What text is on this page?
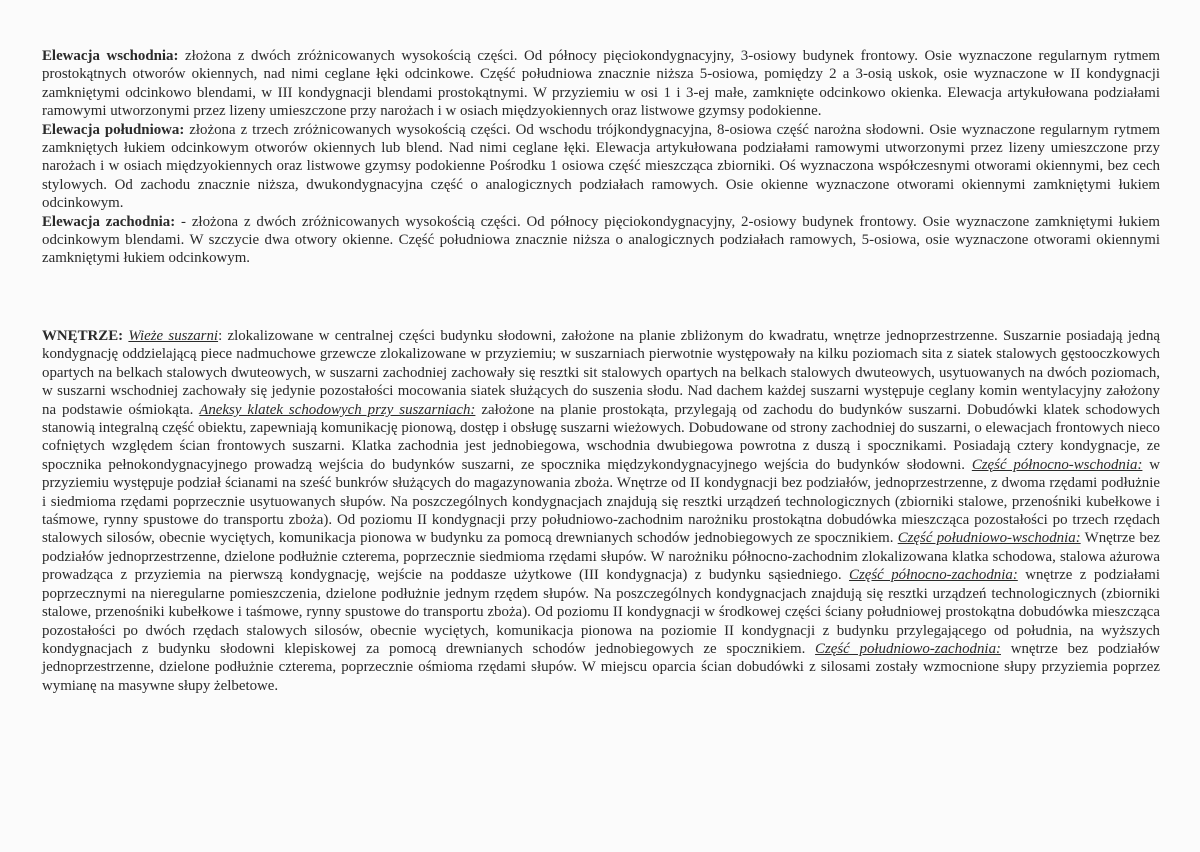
Elewacja wschodnia: złożona z dwóch zróżnicowanych wysokością części. Od północy pięciokondygnacyjny, 3-osiowy budynek frontowy. Osie wyznaczone regularnym rytmem prostokątnych otworów okiennych, nad nimi ceglane łęki odcinkowe. Część południowa znacznie niższa 5-osiowa, pomiędzy 2 a 3-osią uskok, osie wyznaczone w II kondygnacji zamkniętymi odcinkowo blendami, w III kondygnacji blendami prostokątnymi. W przyziemiu w osi 1 i 3-ej małe, zamknięte odcinkowo okienka. Elewacja artykułowana podziałami ramowymi utworzonymi przez lizeny umieszczone przy narożach i w osiach międzyokiennych oraz listwowe gzymsy podokienne.

Elewacja południowa: złożona z trzech zróżnicowanych wysokością części. Od wschodu trójkondygnacyjna, 8-osiowa część narożna słodowni. Osie wyznaczone regularnym rytmem zamkniętych łukiem odcinkowym otworów okiennych lub blend. Nad nimi ceglane łęki. Elewacja artykułowana podziałami ramowymi utworzonymi przez lizeny umieszczone przy narożach i w osiach międzyokiennych oraz listwowe gzymsy podokienne Pośrodku 1 osiowa część mieszcząca zbiorniki. Oś wyznaczona współczesnymi otworami okiennymi, bez cech stylowych. Od zachodu znacznie niższa, dwukondygnacyjna część o analogicznych podziałach ramowych. Osie okienne wyznaczone otworami okiennymi zamkniętymi łukiem odcinkowym.

Elewacja zachodnia: - złożona z dwóch zróżnicowanych wysokością części. Od północy pięciokondygnacyjny, 2-osiowy budynek frontowy. Osie wyznaczone zamkniętymi łukiem odcinkowym blendami. W szczycie dwa otwory okienne. Część południowa znacznie niższa o analogicznych podziałach ramowych, 5-osiowa, osie wyznaczone otworami okiennymi zamkniętymi łukiem odcinkowym.

WNĘTRZE: Wieże suszarni: zlokalizowane w centralnej części budynku słodowni, założone na planie zbliżonym do kwadratu, wnętrze jednoprzestrzenne. Suszarnie posiadają jedną kondygnację oddzielającą piece nadmuchowe grzewcze zlokalizowane w przyziemiu; w suszarniach pierwotnie występowały na kilku poziomach sita z siatek stalowych gęstooczkowych opartych na belkach stalowych dwuteowych, w suszarni zachodniej zachowały się resztki sit stalowych opartych na belkach stalowych dwuteowych, usytuowanych na dwóch poziomach, w suszarni wschodniej zachowały się jedynie pozostałości mocowania siatek służących do suszenia słodu. Nad dachem każdej suszarni występuje ceglany komin wentylacyjny założony na podstawie ośmiokąta. Aneksy klatek schodowych przy suszarniach: założone na planie prostokąta, przylegają od zachodu do budynków suszarni. Dobudówki klatek schodowych stanowią integralną część obiektu, zapewniają komunikację pionową, dostęp i obsługę suszarni wieżowych. Dobudowane od strony zachodniej do suszarni, o elewacjach frontowych nieco cofniętych względem ścian frontowych suszarni. Klatka zachodnia jest jednobiegowa, wschodnia dwubiegowa powrotna z duszą i spocznikami. Posiadają cztery kondygnacje, ze spocznika pełnokondygnacyjnego prowadzą wejścia do budynków suszarni, ze spocznika międzykondygnacyjnego wejścia do budynków słodowni. Część północno-wschodnia: w przyziemiu występuje podział ścianami na sześć bunkrów służących do magazynowania zboża. Wnętrze od II kondygnacji bez podziałów, jednoprzestrzenne, z dwoma rzędami podłużnie i siedmioma rzędami poprzecznie usytuowanych słupów. Na poszczególnych kondygnacjach znajdują się resztki urządzeń technologicznych (zbiorniki stalowe, przenośniki kubełkowe i taśmowe, rynny spustowe do transportu zboża). Od poziomu II kondygnacji przy południowo-zachodnim narożniku prostokątna dobudówka mieszcząca pozostałości po trzech rzędach stalowych silosów, obecnie wyciętych, komunikacja pionowa w budynku za pomocą drewnianych schodów jednobiegowych ze spocznikiem. Część południowo-wschodnia: Wnętrze bez podziałów jednoprzestrzenne, dzielone podłużnie czterema, poprzecznie siedmioma rzędami słupów. W narożniku północno-zachodnim zlokalizowana klatka schodowa, stalowa ażurowa prowadząca z przyziemia na pierwszą kondygnację, wejście na poddasze użytkowe (III kondygnacja) z budynku sąsiedniego. Część północno-zachodnia: wnętrze z podziałami poprzecznymi na nieregularne pomieszczenia, dzielone podłużnie jednym rzędem słupów. Na poszczególnych kondygnacjach znajdują się resztki urządzeń technologicznych (zbiorniki stalowe, przenośniki kubełkowe i taśmowe, rynny spustowe do transportu zboża). Od poziomu II kondygnacji w środkowej części ściany południowej prostokątna dobudówka mieszcząca pozostałości po dwóch rzędach stalowych silosów, obecnie wyciętych, komunikacja pionowa na poziomie II kondygnacji z budynku przylegającego od południa, na wyższych kondygnacjach z budynku słodowni klepiskowej za pomocą drewnianych schodów jednobiegowych ze spocznikiem. Część południowo-zachodnia: wnętrze bez podziałów jednoprzestrzenne, dzielone podłużnie czterema, poprzecznie ośmioma rzędami słupów. W miejscu oparcia ścian dobudówki z silosami zostały wzmocnione słupy przyziemia poprzez wymianę na masywne słupy żelbetowe.
